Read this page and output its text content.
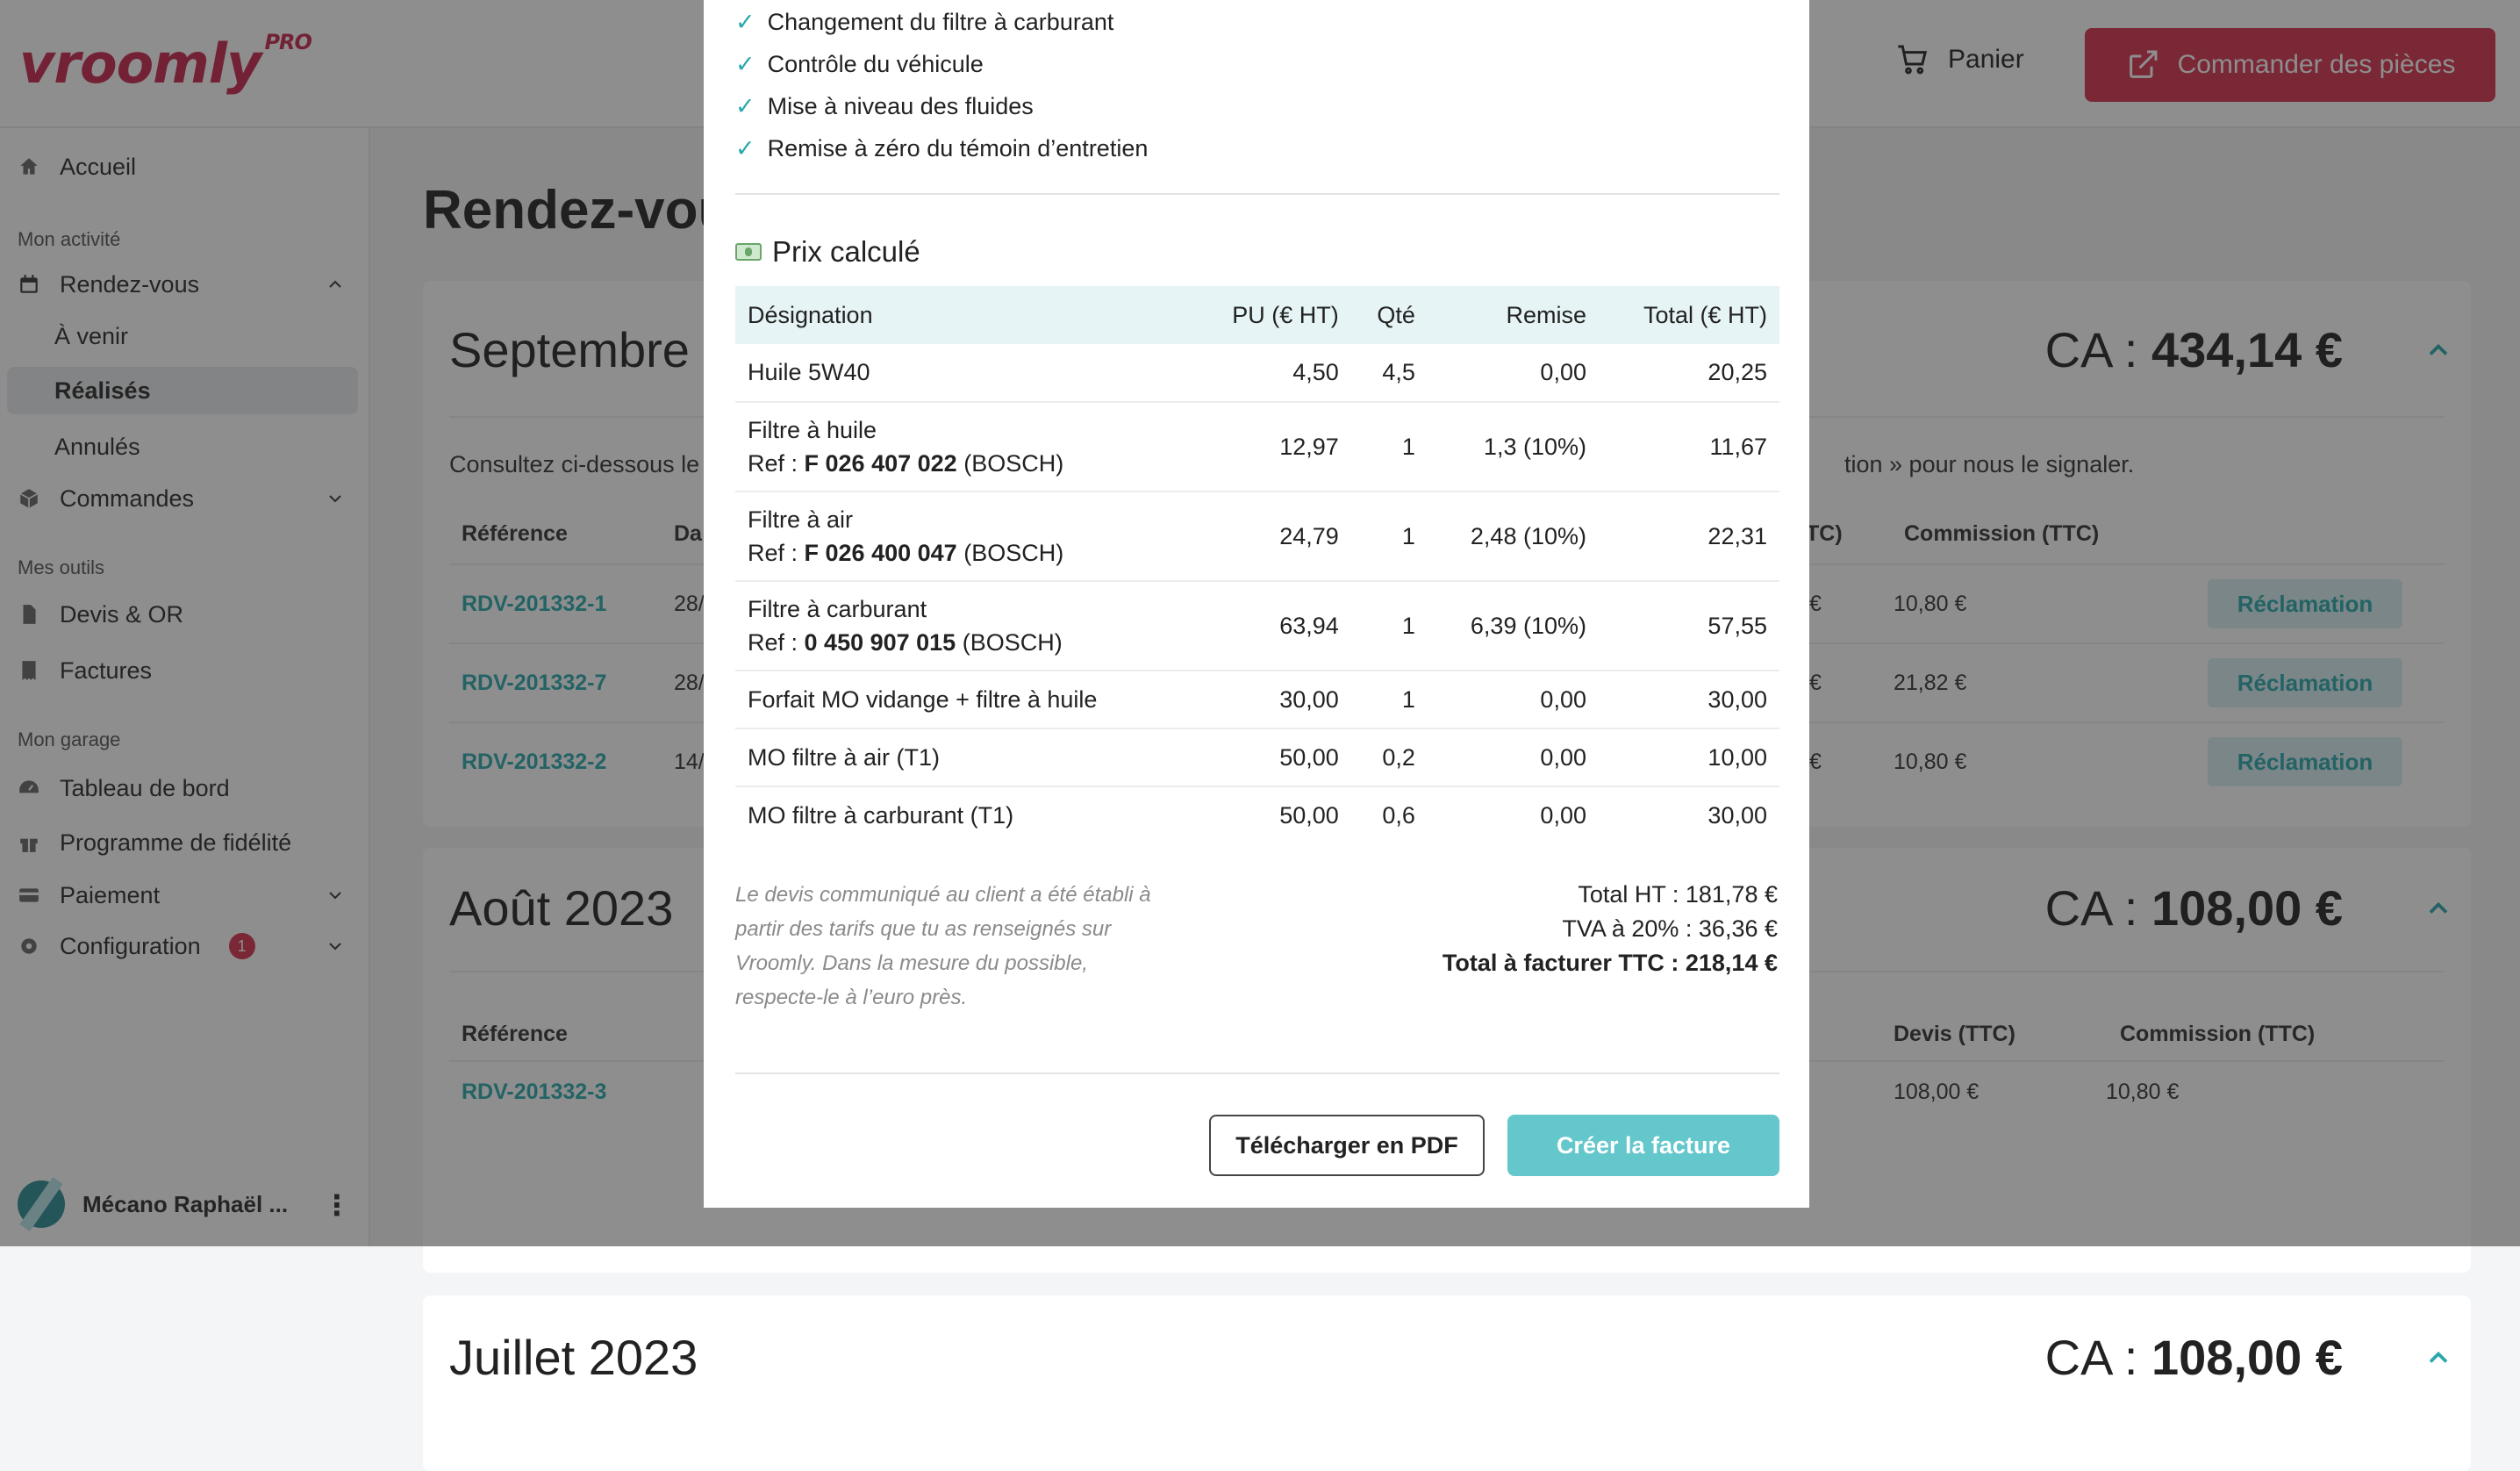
Juillet 2023	CA : 108,00 €
✓ Changement du filtre à carburant
✓ Contrôle du véhicule
✓ Mise à niveau des fluides
✓ Remise à zéro du témoin d’entretien
Prix calculé
Désignation	PU (€ HT)	Qté	Remise	Total (€ HT)
Huile 5W40	4,50	4,5	0,00	20,25
Filtre à huile
Ref : F 026 407 022 (BOSCH)	12,97	1	1,3 (10%)	11,67
Filtre à air
Ref : F 026 400 047 (BOSCH)	24,79	1	2,48 (10%)	22,31
Filtre à carburant
Ref : 0 450 907 015 (BOSCH)	63,94	1	6,39 (10%)	57,55
Forfait MO vidange + filtre à huile	30,00	1	0,00	30,00
MO filtre à air (T1)	50,00	0,2	0,00	10,00
MO filtre à carburant (T1)	50,00	0,6	0,00	30,00
Le devis communiqué au client a été établi à partir des tarifs que tu as renseignés sur Vroomly. Dans la mesure du possible, respecte-le à l’euro près.
Total HT : 181,78 €
TVA à 20% : 36,36 €
Total à facturer TTC : 218,14 €
Télécharger en PDF	Créer la facture
